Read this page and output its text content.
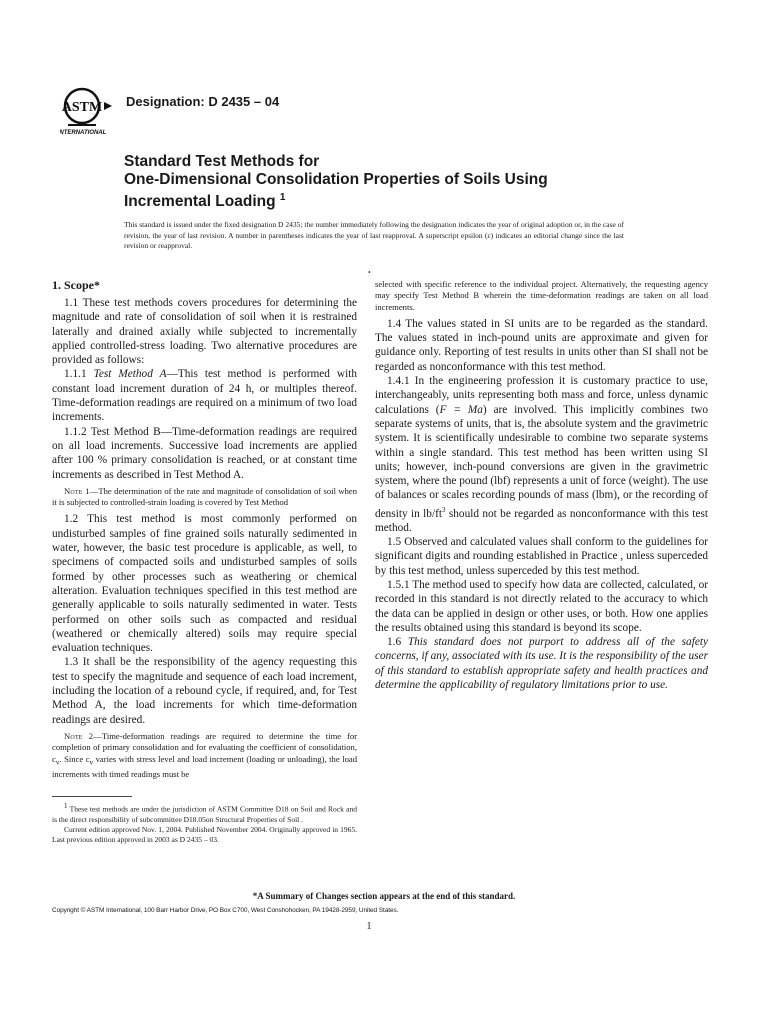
ASTM
INTERNATIONAL
Designation: D 2435 – 04
Standard Test Methods for
One-Dimensional Consolidation Properties of Soils Using
Incremental Loading $^1$

This standard is issued under the fixed designation D 2435; the number immediately following the designation indicates the year of original adoption or, in the case of revision, the year of last revision. A number in parentheses indicates the year of last reapproval. A superscript epsilon (ε) indicates an editorial change since the last revision or reapproval.

•
1. Scope*

1.1 These test methods covers procedures for determining the magnitude and rate of consolidation of soil when it is restrained laterally and drained axially while subjected to incrementally applied controlled-stress loading. Two alternative procedures are provided as follows:

1.1.1 Test Method A—This test method is performed with constant load increment duration of 24 h, or multiples thereof. Time-deformation readings are required on a minimum of two load increments.

1.1.2 Test Method B—Time-deformation readings are required on all load increments. Successive load increments are applied after 100 % primary consolidation is reached, or at constant time increments as described in Test Method A.

Note 1—The determination of the rate and magnitude of consolidation of soil when it is subjected to controlled-strain loading is covered by Test Method

1.2 This test method is most commonly performed on undisturbed samples of fine grained soils naturally sedimented in water, however, the basic test procedure is applicable, as well, to specimens of compacted soils and undisturbed samples of soils formed by other processes such as weathering or chemical alteration. Evaluation techniques specified in this test method are generally applicable to soils naturally sedimented in water. Tests performed on other soils such as compacted and residual (weathered or chemically altered) soils may require special evaluation techniques.

1.3 It shall be the responsibility of the agency requesting this test to specify the magnitude and sequence of each load increment, including the location of a rebound cycle, if required, and, for Test Method A, the load increments for which time-deformation readings are desired.

Note 2—Time-deformation readings are required to determine the time for completion of primary consolidation and for evaluating the coefficient of consolidation, $c_v$. Since $c_v$ varies with stress level and load increment (loading or unloading), the load increments with timed readings must be

selected with specific reference to the individual project. Alternatively, the requesting agency may specify Test Method B wherein the time-deformation readings are taken on all load increments.

1.4 The values stated in SI units are to be regarded as the standard. The values stated in inch-pound units are approximate and given for guidance only. Reporting of test results in units other than SI shall not be regarded as nonconformance with this test method.

1.4.1 In the engineering profession it is customary practice to use, interchangeably, units representing both mass and force, unless dynamic calculations (F = Ma) are involved. This implicitly combines two separate systems of units, that is, the absolute system and the gravimetric system. It is scientifically undesirable to combine two separate systems within a single standard. This test method has been written using SI units; however, inch-pound conversions are given in the gravimetric system, where the pound (lbf) represents a unit of force (weight). The use of balances or scales recording pounds of mass (lbm), or the recording of density in $lb/ft^3$ should not be regarded as nonconformance with this test method.

1.5 Observed and calculated values shall conform to the guidelines for significant digits and rounding established in Practice , unless superceded by this test method, unless superceded by this test method.

1.5.1 The method used to specify how data are collected, calculated, or recorded in this standard is not directly related to the accuracy to which the data can be applied in design or other uses, or both. How one applies the results obtained using this standard is beyond its scope.

1.6 This standard does not purport to address all of the safety concerns, if any, associated with its use. It is the responsibility of the user of this standard to establish appropriate safety and health practices and determine the applicability of regulatory limitations prior to use.

$^1$ These test methods are under the jurisdiction of ASTM Committee D18 on Soil and Rock and is the direct responsibility of subcommittee D18.05on Structural Properties of Soil .

Current edition approved Nov. 1, 2004. Published November 2004. Originally approved in 1965. Last previous edition approved in 2003 as D 2435 – 03.

*A Summary of Changes section appears at the end of this standard.
Copyright © ASTM International, 100 Barr Harbor Drive, PO Box C700, West Conshohocken, PA 19428-2959, United States.
1
